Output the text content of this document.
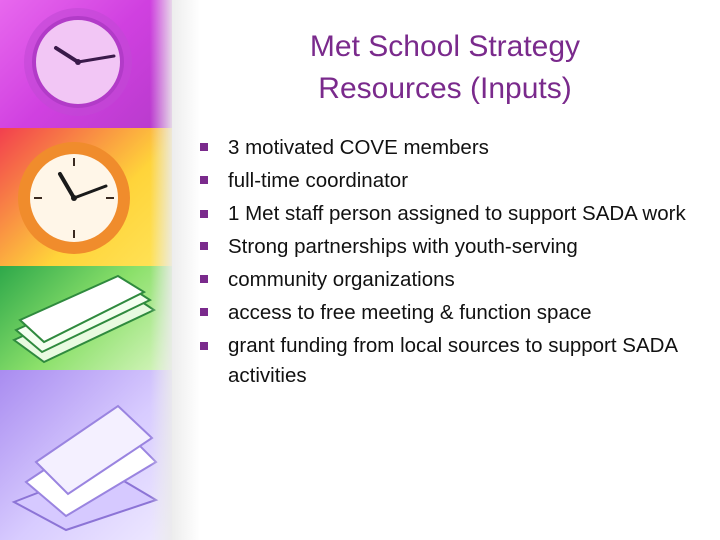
Met School Strategy
Resources (Inputs)
3 motivated COVE members
full-time coordinator
1 Met staff person assigned to support SADA work
Strong partnerships with youth-serving
community organizations
access to free meeting & function space
grant funding from local sources to support SADA activities
